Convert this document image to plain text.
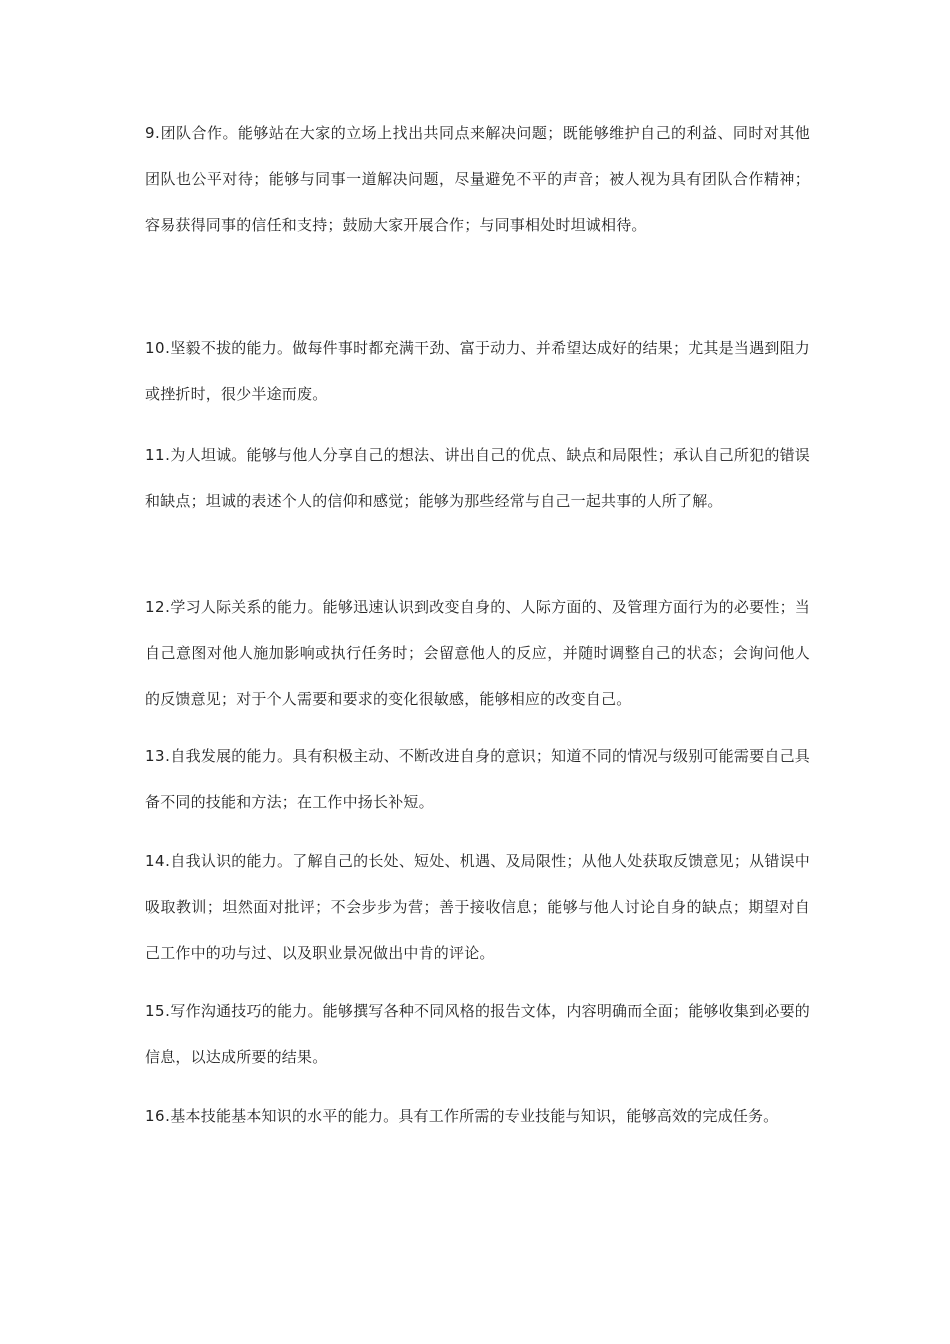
9.团队合作。能够站在大家的立场上找出共同点来解决问题；既能够维护自己的利益、同时对其他团队也公平对待；能够与同事一道解决问题，尽量避免不平的声音；被人视为具有团队合作精神；容易获得同事的信任和支持；鼓励大家开展合作；与同事相处时坦诚相待。

10.坚毅不拔的能力。做每件事时都充满干劲、富于动力、并希望达成好的结果；尤其是当遇到阻力或挫折时，很少半途而废。

11.为人坦诚。能够与他人分享自己的想法、讲出自己的优点、缺点和局限性；承认自己所犯的错误和缺点；坦诚的表述个人的信仰和感觉；能够为那些经常与自己一起共事的人所了解。

12.学习人际关系的能力。能够迅速认识到改变自身的、人际方面的、及管理方面行为的必要性；当自己意图对他人施加影响或执行任务时；会留意他人的反应，并随时调整自己的状态；会询问他人的反馈意见；对于个人需要和要求的变化很敏感，能够相应的改变自己。

13.自我发展的能力。具有积极主动、不断改进自身的意识；知道不同的情况与级别可能需要自己具备不同的技能和方法；在工作中扬长补短。

14.自我认识的能力。了解自己的长处、短处、机遇、及局限性；从他人处获取反馈意见；从错误中吸取教训；坦然面对批评；不会步步为营；善于接收信息；能够与他人讨论自身的缺点；期望对自己工作中的功与过、以及职业景况做出中肯的评论。

15.写作沟通技巧的能力。能够撰写各种不同风格的报告文体，内容明确而全面；能够收集到必要的信息，以达成所要的结果。

16.基本技能基本知识的水平的能力。具有工作所需的专业技能与知识，能够高效的完成任务。
